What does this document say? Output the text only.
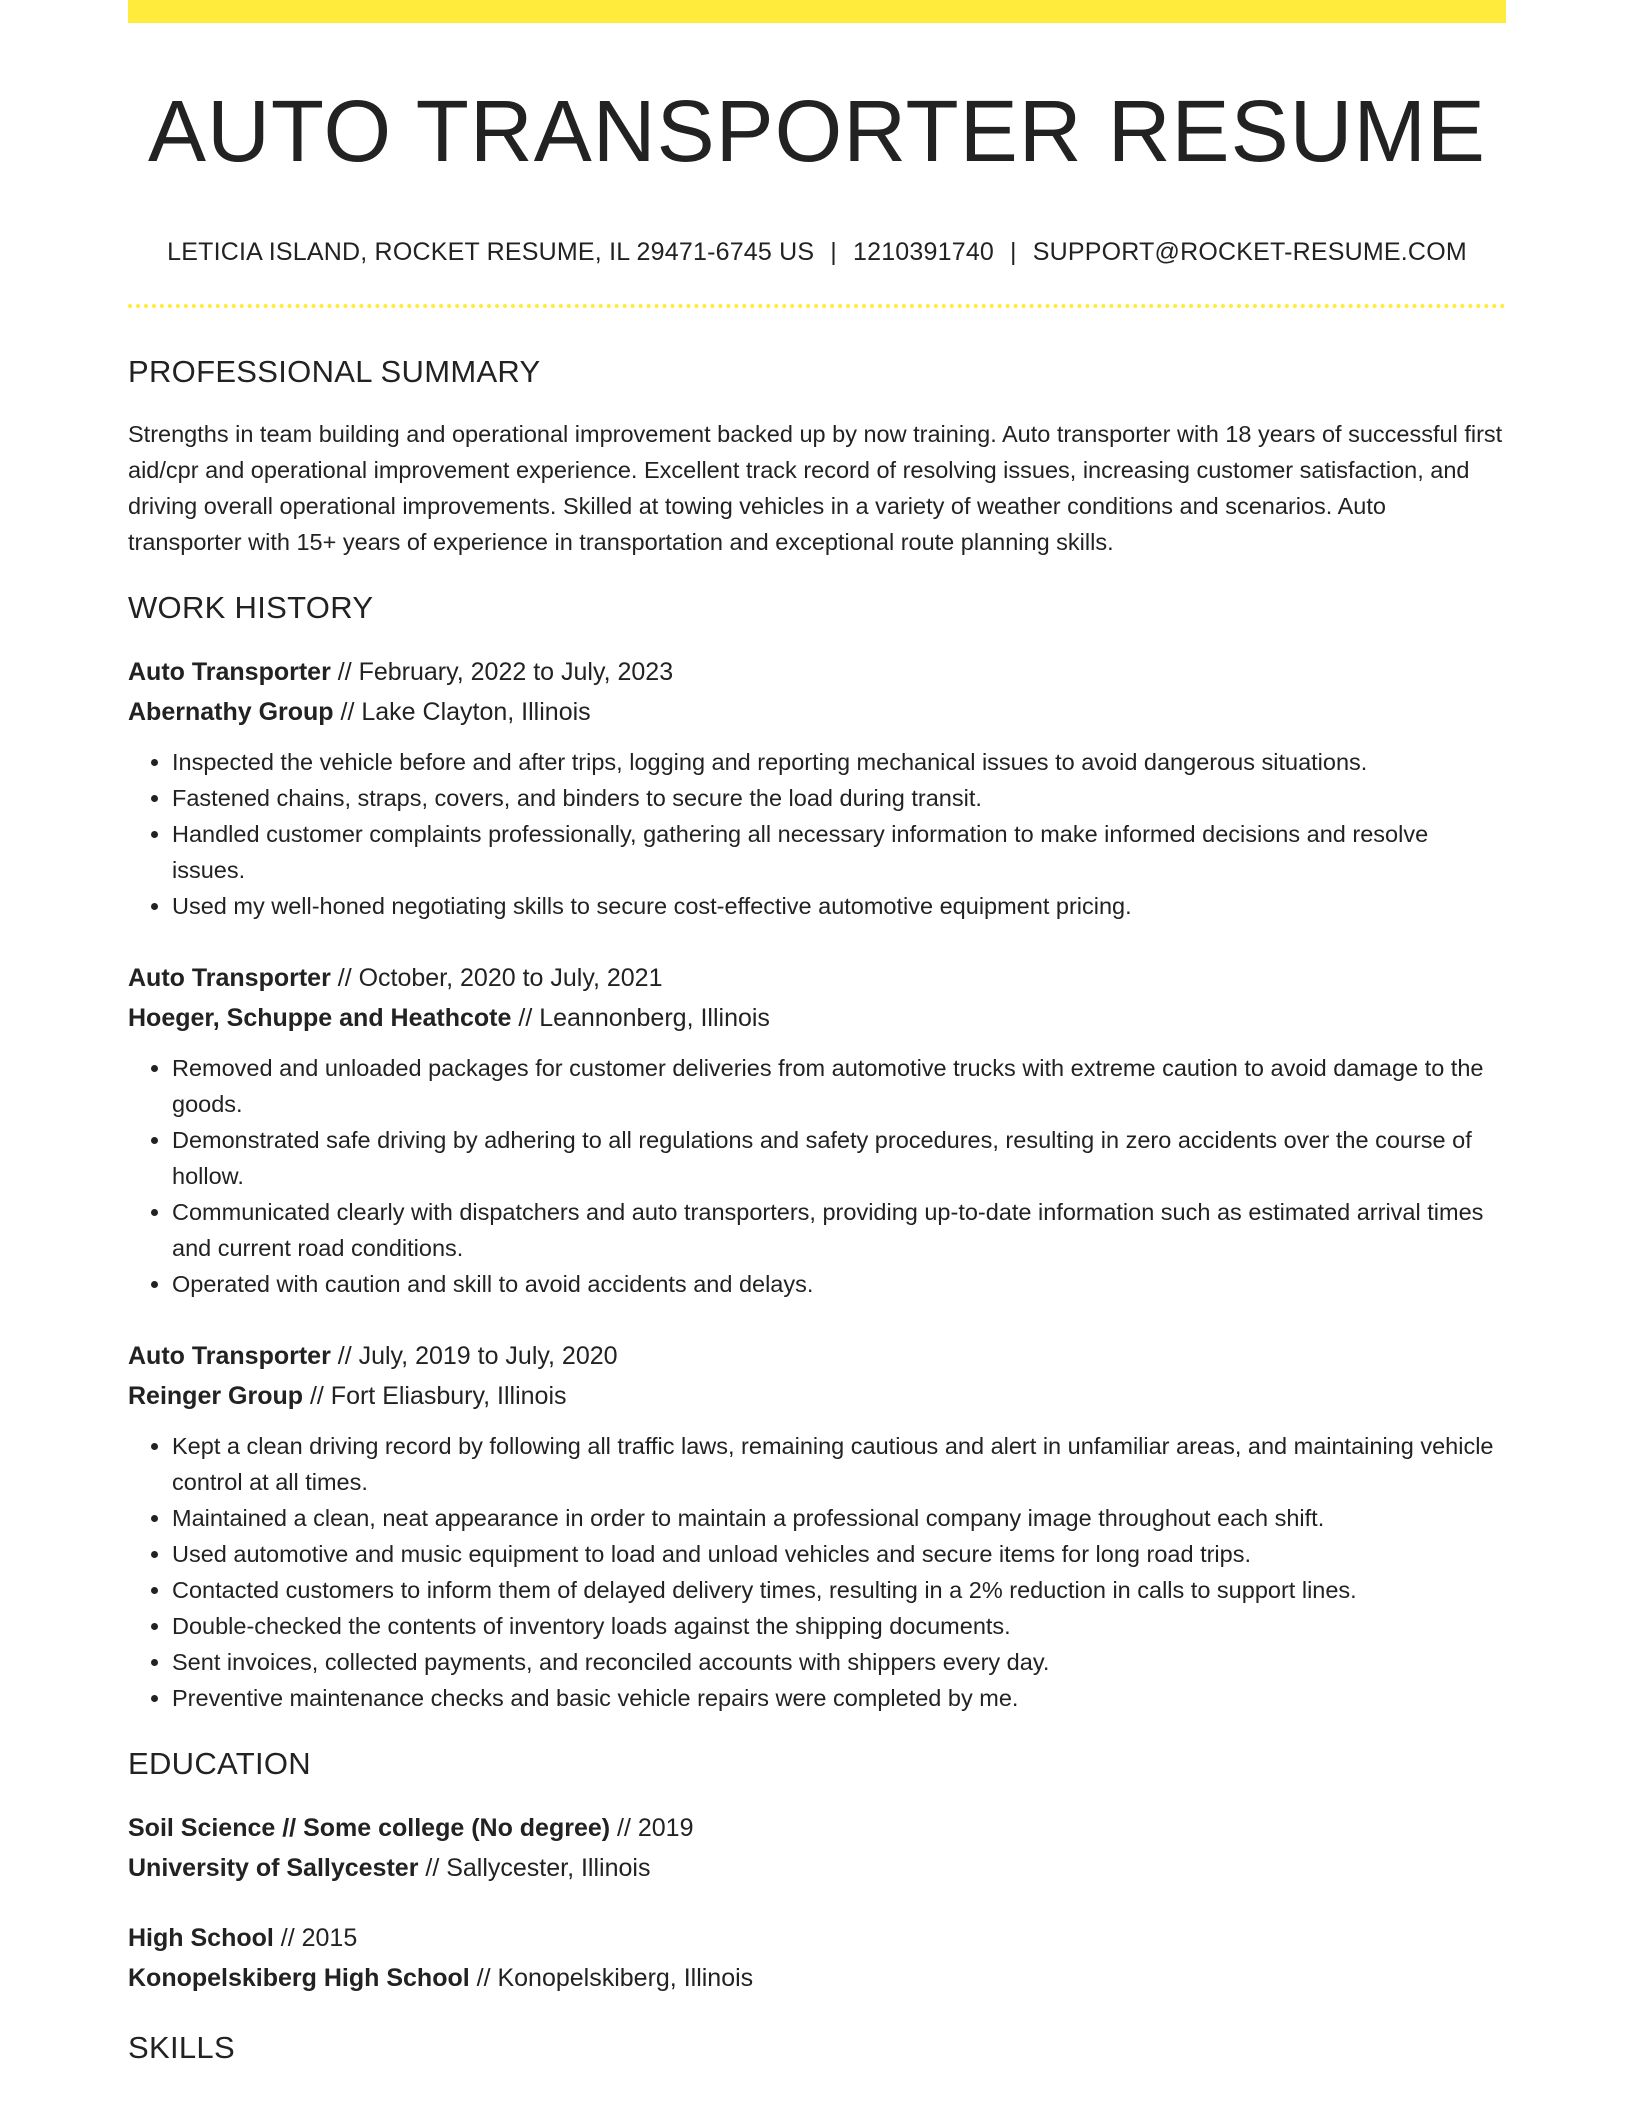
AUTO TRANSPORTER RESUME
LETICIA ISLAND, ROCKET RESUME, IL 29471-6745 US | 1210391740 | SUPPORT@ROCKET-RESUME.COM
PROFESSIONAL SUMMARY
Strengths in team building and operational improvement backed up by now training. Auto transporter with 18 years of successful first aid/cpr and operational improvement experience. Excellent track record of resolving issues, increasing customer satisfaction, and driving overall operational improvements. Skilled at towing vehicles in a variety of weather conditions and scenarios. Auto transporter with 15+ years of experience in transportation and exceptional route planning skills.
WORK HISTORY
Auto Transporter // February, 2022 to July, 2023
Abernathy Group // Lake Clayton, Illinois
• Inspected the vehicle before and after trips, logging and reporting mechanical issues to avoid dangerous situations.
• Fastened chains, straps, covers, and binders to secure the load during transit.
• Handled customer complaints professionally, gathering all necessary information to make informed decisions and resolve issues.
• Used my well-honed negotiating skills to secure cost-effective automotive equipment pricing.
Auto Transporter // October, 2020 to July, 2021
Hoeger, Schuppe and Heathcote // Leannonberg, Illinois
• Removed and unloaded packages for customer deliveries from automotive trucks with extreme caution to avoid damage to the goods.
• Demonstrated safe driving by adhering to all regulations and safety procedures, resulting in zero accidents over the course of hollow.
• Communicated clearly with dispatchers and auto transporters, providing up-to-date information such as estimated arrival times and current road conditions.
• Operated with caution and skill to avoid accidents and delays.
Auto Transporter // July, 2019 to July, 2020
Reinger Group // Fort Eliasbury, Illinois
• Kept a clean driving record by following all traffic laws, remaining cautious and alert in unfamiliar areas, and maintaining vehicle control at all times.
• Maintained a clean, neat appearance in order to maintain a professional company image throughout each shift.
• Used automotive and music equipment to load and unload vehicles and secure items for long road trips.
• Contacted customers to inform them of delayed delivery times, resulting in a 2% reduction in calls to support lines.
• Double-checked the contents of inventory loads against the shipping documents.
• Sent invoices, collected payments, and reconciled accounts with shippers every day.
• Preventive maintenance checks and basic vehicle repairs were completed by me.
EDUCATION
Soil Science // Some college (No degree) // 2019
University of Sallycester // Sallycester, Illinois
High School // 2015
Konopelskiberg High School // Konopelskiberg, Illinois
SKILLS
